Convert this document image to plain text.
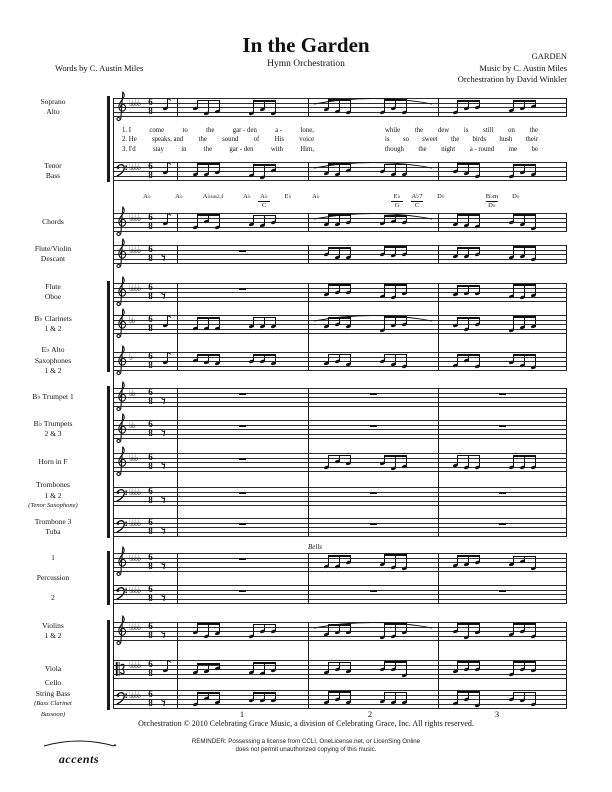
In the Garden
Hymn Orchestration
Words by C. Austin Miles
GARDEN
Music by C. Austin Miles
Orchestration by David Winkler
♭♭♭♭ 6
8
Soprano
Alto
♭♭♭♭ 6
8
Tenor
Bass
♭♭♭♭ 6
8
Chords
♭♭♭♭ 6
8
Flute/Violin
Descant
♭♭♭♭ 6
8
Flute
Oboe
♭♭ 6
8
B♭ Clarinets
1 & 2
♭ 6
8
E♭ Alto
Saxophones
1 & 2
♭♭ 6
8
B♭ Trumpet 1
♭♭ 6
8
B♭ Trumpets
2 & 3
♭♭♭ 6
8
Horn in F
♭♭♭♭ 6
8
Trombones
1 & 2
(Tenor Saxophone)
♭♭♭♭ 6
8
Trombone 3
Tuba
♭♭♭♭ 6
8
1
Percussion
2
♭♭♭♭ 6
8
♭♭♭♭ 6
8
Violins
1 & 2
♭♭♭♭ 6
8
Viola
♭♭♭♭ 6
8
Cello
String Bass
(Bass Clarinet
Bassoon)
1. I	come	to	the	gar - den	a -	lone,	while the dew is still on the
2. He speaks, and the sound of His voice	is so sweet the birds hush their
3. I'd	stay	in	the	gar - den	with	Him,	though the night a - round me be
A♭	A♭	A♭sus2,4	A♭	A♭
C
E♭	A♭	E♭
G
A♭7
C
D♭	B♭m
D♭
D♭
Bells
1	2	3
Orchestration © 2010 Celebrating Grace Music, a division of Celebrating Grace, Inc. All rights reserved.
REMINDER: Possessing a license from CCLI, OneLicense.net, or LicenSing Online
does not permit unauthorized copying of this music.
accents
